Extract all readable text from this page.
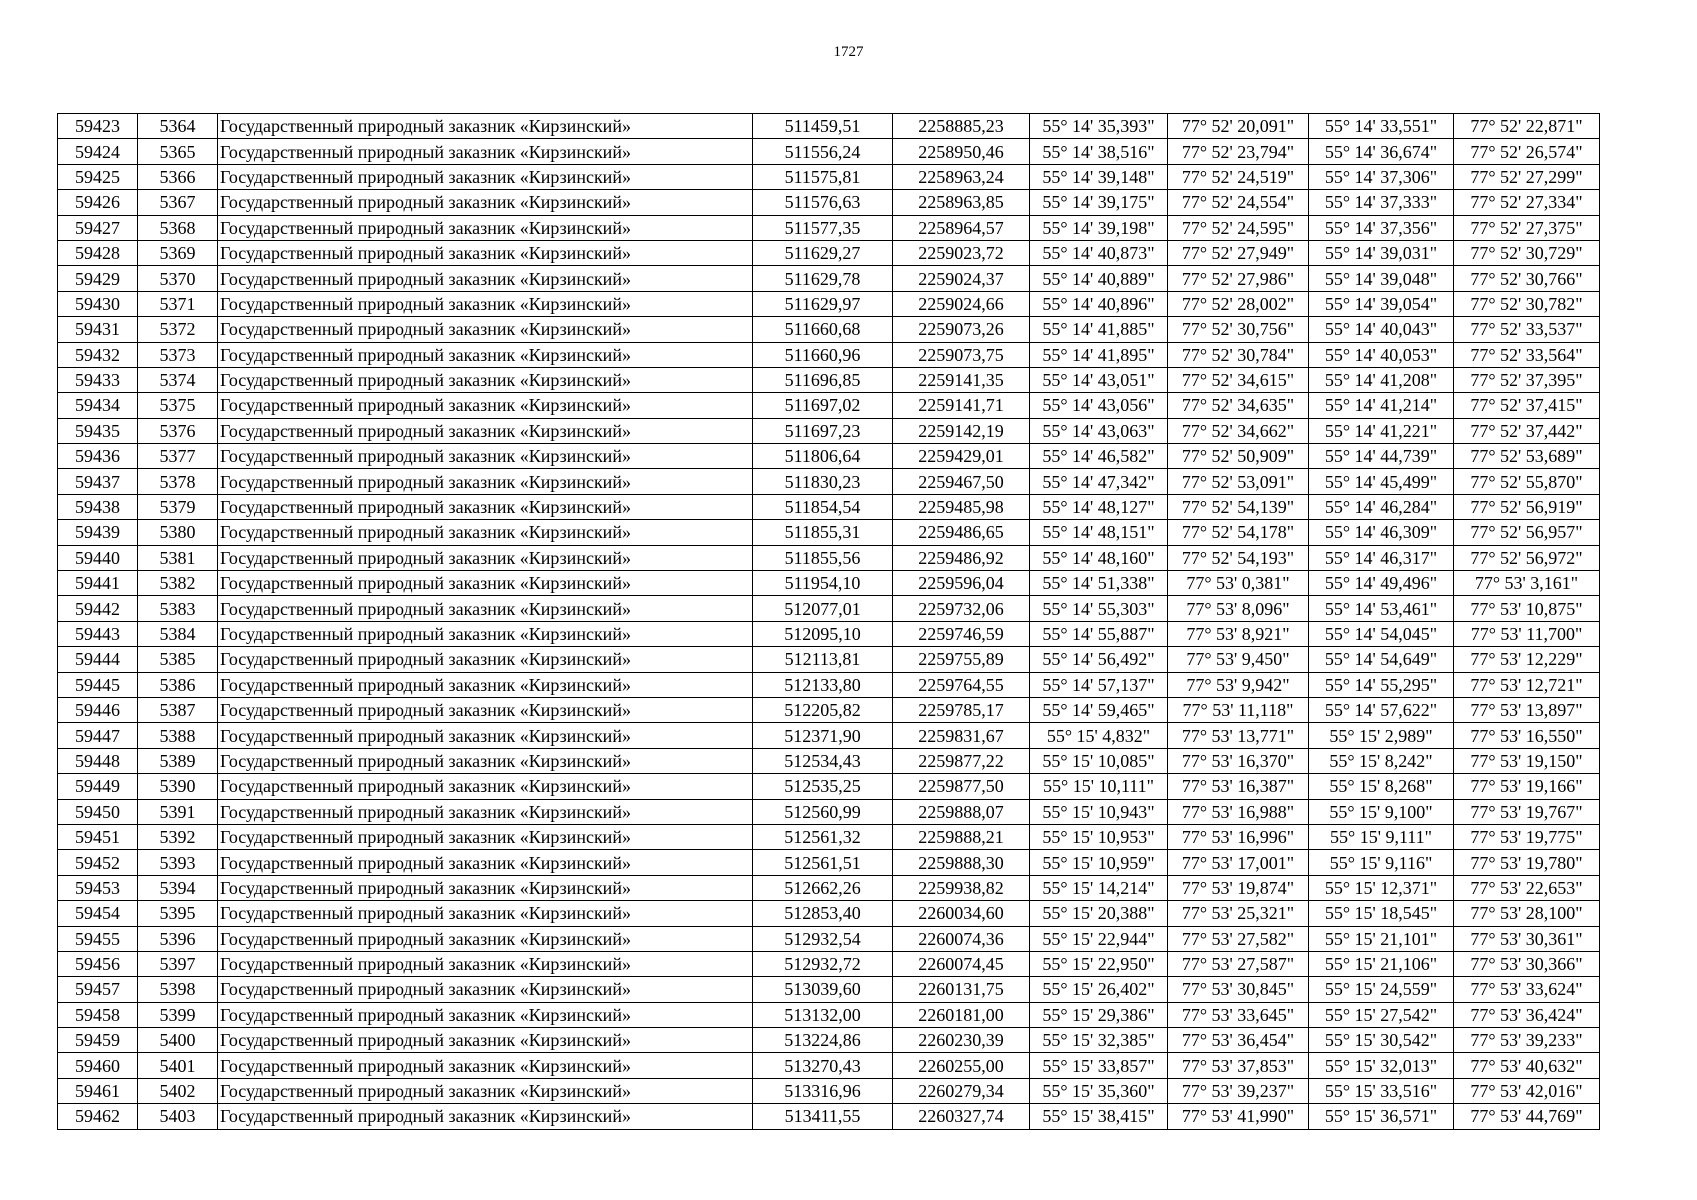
1727
59423	5364	Государственный природный заказник «Кирзинский»	511459,51	2258885,23	55° 14' 35,393"	77° 52' 20,091"	55° 14' 33,551"	77° 52' 22,871"
59424	5365	Государственный природный заказник «Кирзинский»	511556,24	2258950,46	55° 14' 38,516"	77° 52' 23,794"	55° 14' 36,674"	77° 52' 26,574"
59425	5366	Государственный природный заказник «Кирзинский»	511575,81	2258963,24	55° 14' 39,148"	77° 52' 24,519"	55° 14' 37,306"	77° 52' 27,299"
59426	5367	Государственный природный заказник «Кирзинский»	511576,63	2258963,85	55° 14' 39,175"	77° 52' 24,554"	55° 14' 37,333"	77° 52' 27,334"
59427	5368	Государственный природный заказник «Кирзинский»	511577,35	2258964,57	55° 14' 39,198"	77° 52' 24,595"	55° 14' 37,356"	77° 52' 27,375"
59428	5369	Государственный природный заказник «Кирзинский»	511629,27	2259023,72	55° 14' 40,873"	77° 52' 27,949"	55° 14' 39,031"	77° 52' 30,729"
59429	5370	Государственный природный заказник «Кирзинский»	511629,78	2259024,37	55° 14' 40,889"	77° 52' 27,986"	55° 14' 39,048"	77° 52' 30,766"
59430	5371	Государственный природный заказник «Кирзинский»	511629,97	2259024,66	55° 14' 40,896"	77° 52' 28,002"	55° 14' 39,054"	77° 52' 30,782"
59431	5372	Государственный природный заказник «Кирзинский»	511660,68	2259073,26	55° 14' 41,885"	77° 52' 30,756"	55° 14' 40,043"	77° 52' 33,537"
59432	5373	Государственный природный заказник «Кирзинский»	511660,96	2259073,75	55° 14' 41,895"	77° 52' 30,784"	55° 14' 40,053"	77° 52' 33,564"
59433	5374	Государственный природный заказник «Кирзинский»	511696,85	2259141,35	55° 14' 43,051"	77° 52' 34,615"	55° 14' 41,208"	77° 52' 37,395"
59434	5375	Государственный природный заказник «Кирзинский»	511697,02	2259141,71	55° 14' 43,056"	77° 52' 34,635"	55° 14' 41,214"	77° 52' 37,415"
59435	5376	Государственный природный заказник «Кирзинский»	511697,23	2259142,19	55° 14' 43,063"	77° 52' 34,662"	55° 14' 41,221"	77° 52' 37,442"
59436	5377	Государственный природный заказник «Кирзинский»	511806,64	2259429,01	55° 14' 46,582"	77° 52' 50,909"	55° 14' 44,739"	77° 52' 53,689"
59437	5378	Государственный природный заказник «Кирзинский»	511830,23	2259467,50	55° 14' 47,342"	77° 52' 53,091"	55° 14' 45,499"	77° 52' 55,870"
59438	5379	Государственный природный заказник «Кирзинский»	511854,54	2259485,98	55° 14' 48,127"	77° 52' 54,139"	55° 14' 46,284"	77° 52' 56,919"
59439	5380	Государственный природный заказник «Кирзинский»	511855,31	2259486,65	55° 14' 48,151"	77° 52' 54,178"	55° 14' 46,309"	77° 52' 56,957"
59440	5381	Государственный природный заказник «Кирзинский»	511855,56	2259486,92	55° 14' 48,160"	77° 52' 54,193"	55° 14' 46,317"	77° 52' 56,972"
59441	5382	Государственный природный заказник «Кирзинский»	511954,10	2259596,04	55° 14' 51,338"	77° 53' 0,381"	55° 14' 49,496"	77° 53' 3,161"
59442	5383	Государственный природный заказник «Кирзинский»	512077,01	2259732,06	55° 14' 55,303"	77° 53' 8,096"	55° 14' 53,461"	77° 53' 10,875"
59443	5384	Государственный природный заказник «Кирзинский»	512095,10	2259746,59	55° 14' 55,887"	77° 53' 8,921"	55° 14' 54,045"	77° 53' 11,700"
59444	5385	Государственный природный заказник «Кирзинский»	512113,81	2259755,89	55° 14' 56,492"	77° 53' 9,450"	55° 14' 54,649"	77° 53' 12,229"
59445	5386	Государственный природный заказник «Кирзинский»	512133,80	2259764,55	55° 14' 57,137"	77° 53' 9,942"	55° 14' 55,295"	77° 53' 12,721"
59446	5387	Государственный природный заказник «Кирзинский»	512205,82	2259785,17	55° 14' 59,465"	77° 53' 11,118"	55° 14' 57,622"	77° 53' 13,897"
59447	5388	Государственный природный заказник «Кирзинский»	512371,90	2259831,67	55° 15' 4,832"	77° 53' 13,771"	55° 15' 2,989"	77° 53' 16,550"
59448	5389	Государственный природный заказник «Кирзинский»	512534,43	2259877,22	55° 15' 10,085"	77° 53' 16,370"	55° 15' 8,242"	77° 53' 19,150"
59449	5390	Государственный природный заказник «Кирзинский»	512535,25	2259877,50	55° 15' 10,111"	77° 53' 16,387"	55° 15' 8,268"	77° 53' 19,166"
59450	5391	Государственный природный заказник «Кирзинский»	512560,99	2259888,07	55° 15' 10,943"	77° 53' 16,988"	55° 15' 9,100"	77° 53' 19,767"
59451	5392	Государственный природный заказник «Кирзинский»	512561,32	2259888,21	55° 15' 10,953"	77° 53' 16,996"	55° 15' 9,111"	77° 53' 19,775"
59452	5393	Государственный природный заказник «Кирзинский»	512561,51	2259888,30	55° 15' 10,959"	77° 53' 17,001"	55° 15' 9,116"	77° 53' 19,780"
59453	5394	Государственный природный заказник «Кирзинский»	512662,26	2259938,82	55° 15' 14,214"	77° 53' 19,874"	55° 15' 12,371"	77° 53' 22,653"
59454	5395	Государственный природный заказник «Кирзинский»	512853,40	2260034,60	55° 15' 20,388"	77° 53' 25,321"	55° 15' 18,545"	77° 53' 28,100"
59455	5396	Государственный природный заказник «Кирзинский»	512932,54	2260074,36	55° 15' 22,944"	77° 53' 27,582"	55° 15' 21,101"	77° 53' 30,361"
59456	5397	Государственный природный заказник «Кирзинский»	512932,72	2260074,45	55° 15' 22,950"	77° 53' 27,587"	55° 15' 21,106"	77° 53' 30,366"
59457	5398	Государственный природный заказник «Кирзинский»	513039,60	2260131,75	55° 15' 26,402"	77° 53' 30,845"	55° 15' 24,559"	77° 53' 33,624"
59458	5399	Государственный природный заказник «Кирзинский»	513132,00	2260181,00	55° 15' 29,386"	77° 53' 33,645"	55° 15' 27,542"	77° 53' 36,424"
59459	5400	Государственный природный заказник «Кирзинский»	513224,86	2260230,39	55° 15' 32,385"	77° 53' 36,454"	55° 15' 30,542"	77° 53' 39,233"
59460	5401	Государственный природный заказник «Кирзинский»	513270,43	2260255,00	55° 15' 33,857"	77° 53' 37,853"	55° 15' 32,013"	77° 53' 40,632"
59461	5402	Государственный природный заказник «Кирзинский»	513316,96	2260279,34	55° 15' 35,360"	77° 53' 39,237"	55° 15' 33,516"	77° 53' 42,016"
59462	5403	Государственный природный заказник «Кирзинский»	513411,55	2260327,74	55° 15' 38,415"	77° 53' 41,990"	55° 15' 36,571"	77° 53' 44,769"
